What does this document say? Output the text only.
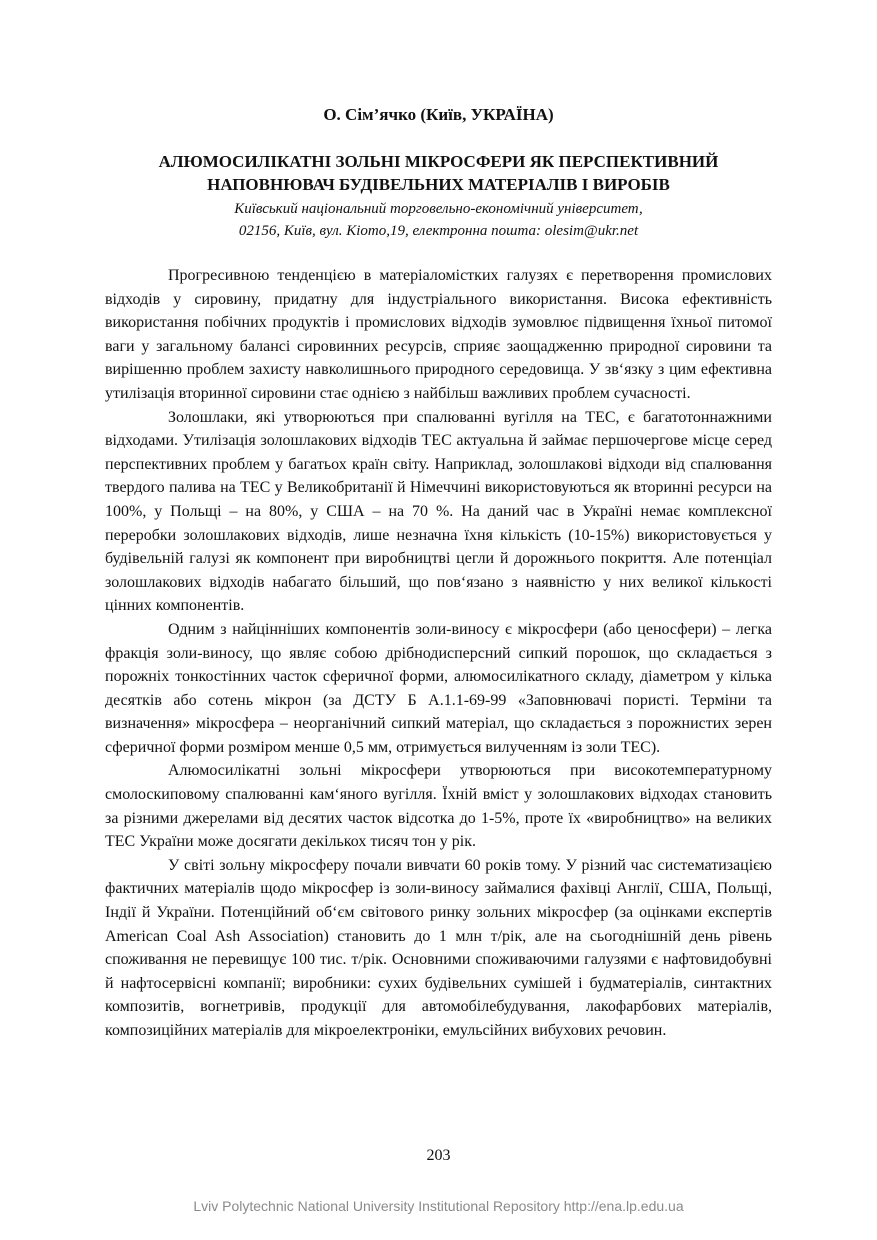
О. Сім’ячко (Київ, УКРАЇНА)
АЛЮМОСИЛІКАТНІ ЗОЛЬНІ МІКРОСФЕРИ ЯК ПЕРСПЕКТИВНИЙ
НАПОВНЮВАЧ БУДІВЕЛЬНИХ МАТЕРІАЛІВ І ВИРОБІВ
Київський національний торговельно-економічний університет,
02156, Київ, вул. Кіото,19, електронна пошта: olesim@ukr.net

Прогресивною тенденцією в матеріаломістких галузях є перетворення промислових відходів у сировину, придатну для індустріального використання. Висока ефективність використання побічних продуктів і промислових відходів зумовлює підвищення їхньої питомої ваги у загальному балансі сировинних ресурсів, сприяє заощадженню природної сировини та вирішенню проблем захисту навколишнього природного середовища. У зв‘язку з цим ефективна утилізація вторинної сировини стає однією з найбільш важливих проблем сучасності.

Золошлаки, які утворюються при спалюванні вугілля на ТЕС, є багатотоннажними відходами. Утилізація золошлакових відходів ТЕС актуальна й займає першочергове місце серед перспективних проблем у багатьох країн світу. Наприклад, золошлакові відходи від спалювання твердого палива на ТЕС у Великобританії й Німеччині використовуються як вторинні ресурси на 100%, у Польщі – на 80%, у США – на 70 %. На даний час в Україні немає комплексної переробки золошлакових відходів, лише незначна їхня кількість (10-15%) використовується у будівельній галузі як компонент при виробництві цегли й дорожнього покриття. Але потенціал золошлакових відходів набагато більший, що пов‘язано з наявністю у них великої кількості цінних компонентів.

Одним з найцінніших компонентів золи-виносу є мікросфери (або ценосфери) – легка фракція золи-виносу, що являє собою дрібнодисперсний сипкий порошок, що складається з порожніх тонкостінних часток сферичної форми, алюмосилікатного складу, діаметром у кілька десятків або сотень мікрон (за ДСТУ Б А.1.1-69-99 «Заповнювачі пористі. Терміни та визначення» мікросфера – неорганічний сипкий матеріал, що складається з порожнистих зерен сферичної форми розміром менше 0,5 мм, отримується вилученням із золи ТЕС).

Алюмосилікатні зольні мікросфери утворюються при високотемпературному смолоскиповому спалюванні кам‘яного вугілля. Їхній вміст у золошлакових відходах становить за різними джерелами від десятих часток відсотка до 1-5%, проте їх «виробництво» на великих ТЕС України може досягати декількох тисяч тон у рік.

У світі зольну мікросферу почали вивчати 60 років тому. У різний час систематизацією фактичних матеріалів щодо мікросфер із золи-виносу займалися фахівці Англії, США, Польщі, Індії й України. Потенційний об‘єм світового ринку зольних мікросфер (за оцінками експертів American Coal Ash Association) становить до 1 млн т/рік, але на сьогоднішній день рівень споживання не перевищує 100 тис. т/рік. Основними споживаючими галузями є нафтовидобувні й нафтосервісні компанії; виробники: сухих будівельних сумішей і будматеріалів, синтактних композитів, вогнетривів, продукції для автомобілебудування, лакофарбових матеріалів, композиційних матеріалів для мікроелектроніки, емульсійних вибухових речовин.

203
Lviv Polytechnic National University Institutional Repository http://ena.lp.edu.ua
